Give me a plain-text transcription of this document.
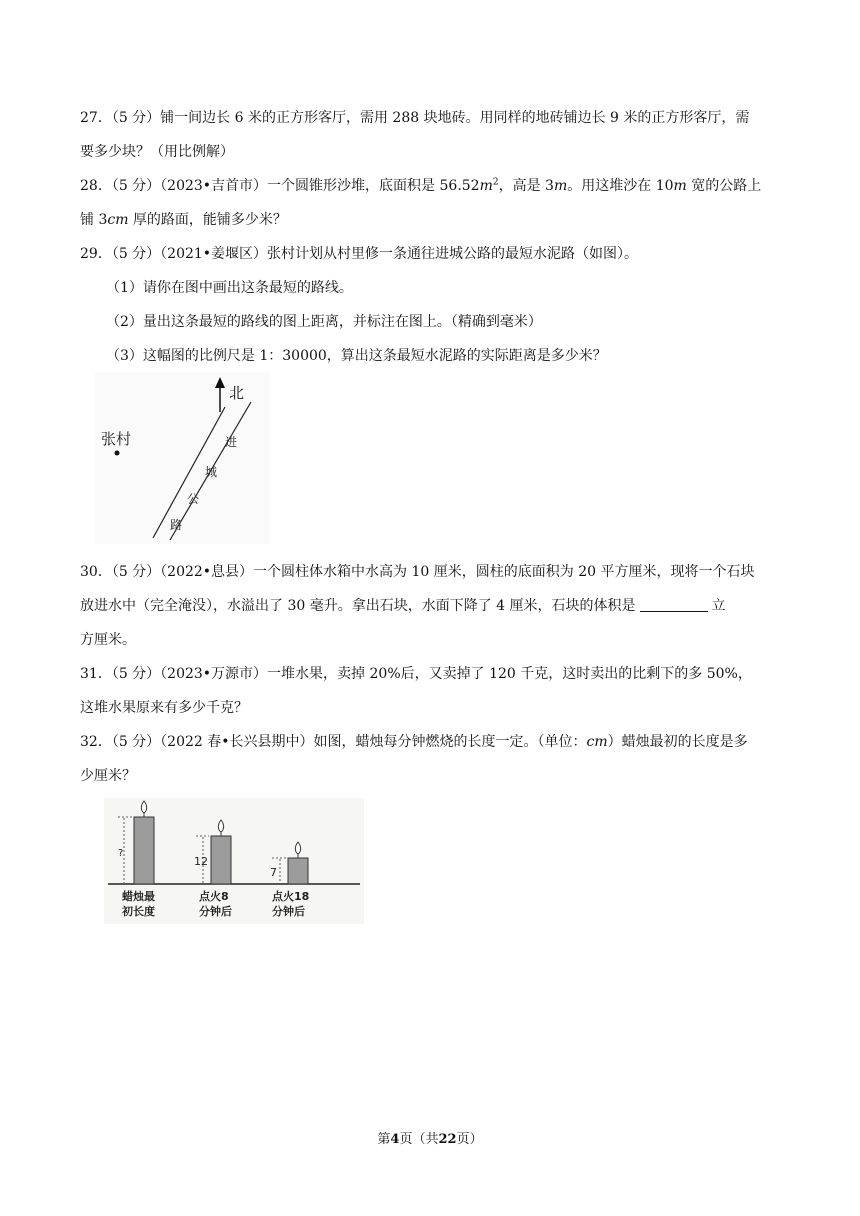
27．（5 分）铺一间边长 6 米的正方形客厅，需用 288 块地砖。用同样的地砖铺边长 9 米的正方形客厅，需
要多少块？（用比例解）
28．（5 分）（2023•吉首市）一个圆锥形沙堆，底面积是 $56.52m^2$，高是 3m。用这堆沙在 10m 宽的公路上
铺 3cm 厚的路面，能铺多少米？
29．（5 分）（2021•姜堰区）张村计划从村里修一条通往进城公路的最短水泥路（如图）。
（1）请你在图中画出这条最短的路线。
（2）量出这条最短的路线的图上距离，并标注在图上。（精确到毫米）
（3）这幅图的比例尺是 1：30000，算出这条最短水泥路的实际距离是多少米？
北
张村	进
城
公
路
30．（5 分）（2022•息县）一个圆柱体水箱中水高为 10 厘米，圆柱的底面积为 20 平方厘米，现将一个石块
放进水中（完全淹没），水溢出了 30 毫升。拿出石块，水面下降了 4 厘米，石块的体积是	立
方厘米。
31．（5 分）（2023•万源市）一堆水果，卖掉 20%后，又卖掉了 120 千克，这时卖出的比剩下的多 50%，
这堆水果原来有多少千克？
32．（5 分）（2022 春•长兴县期中）如图，蜡烛每分钟燃烧的长度一定。（单位：cm）蜡烛最初的长度是多
少厘米？
?
12
7
蜡烛最
初长度
点火8
分钟后
点火18
分钟后
第4页（共22页）
